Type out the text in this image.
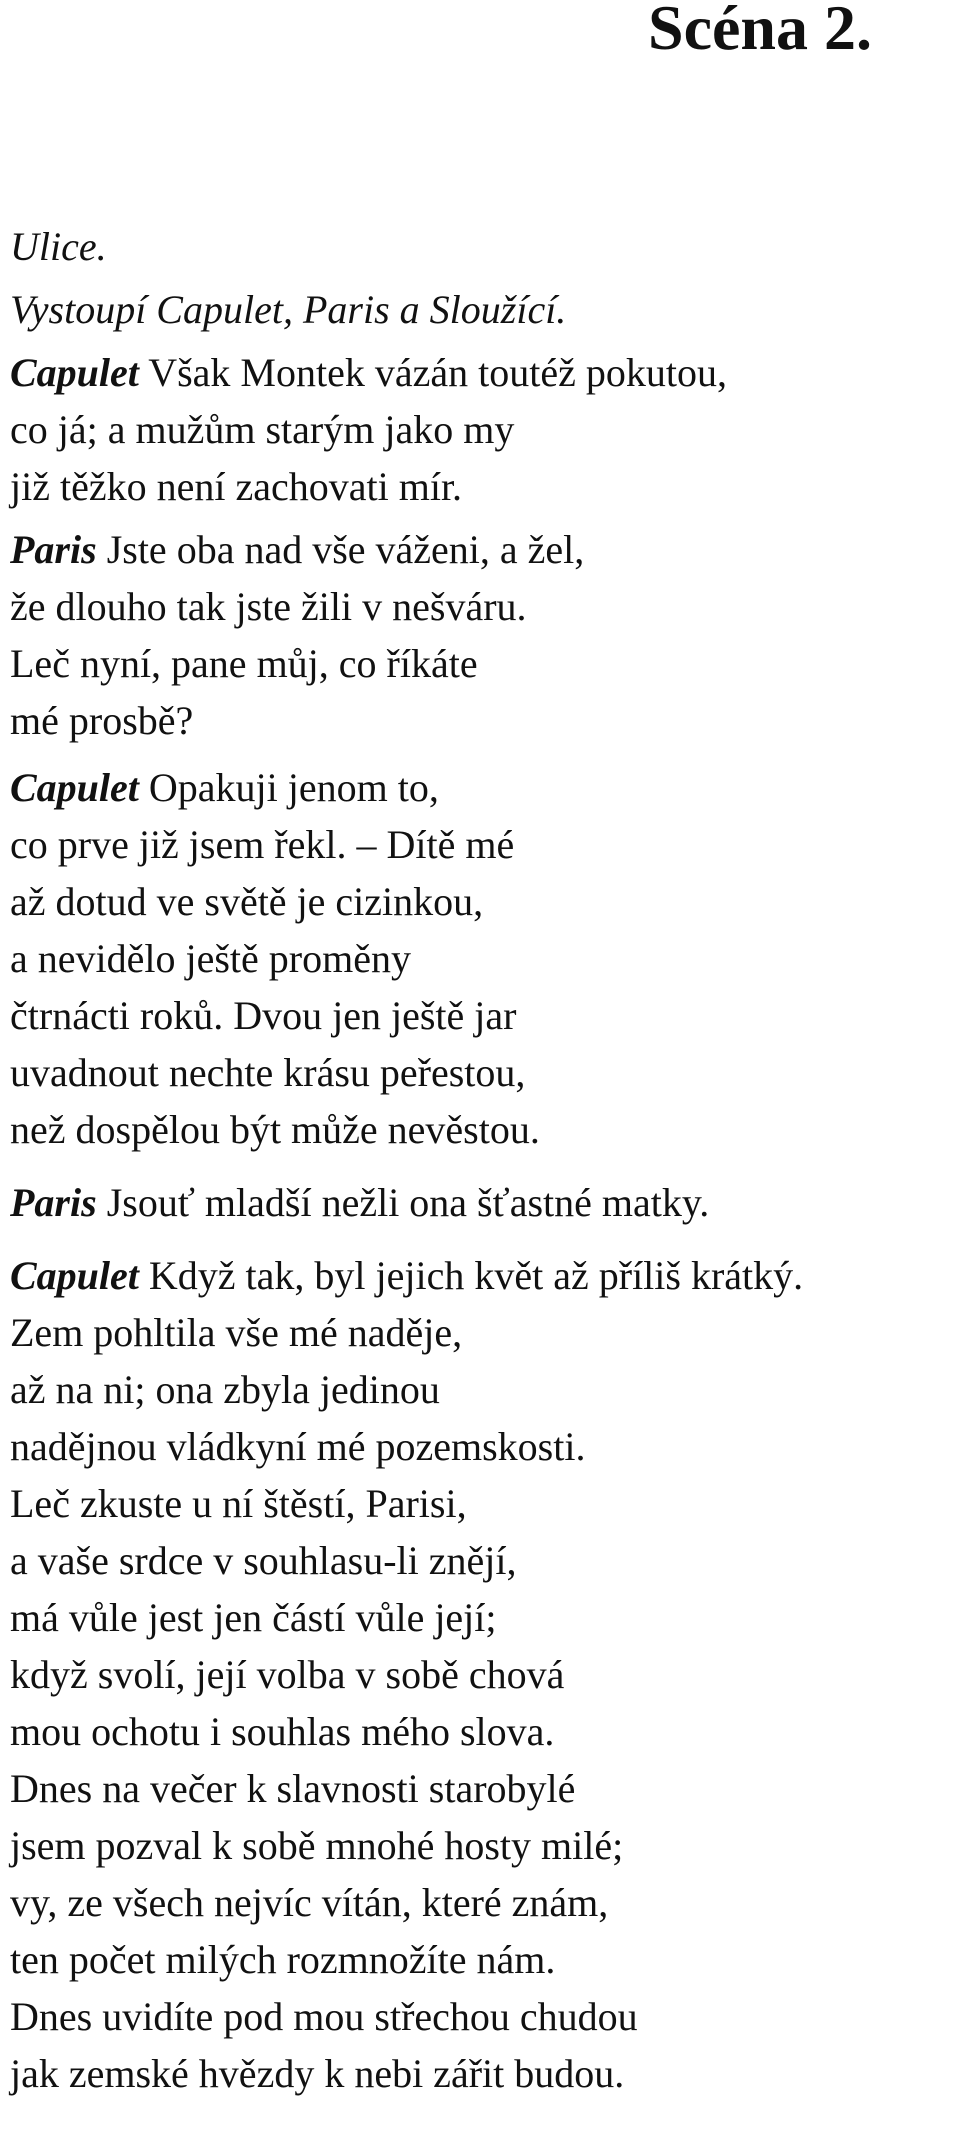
Scéna 2.

Ulice.

Vystoupí Capulet, Paris a Sloužící.

Capulet Však Montek vázán toutéž pokutou,

co já; a mužům starým jako my

již těžko není zachovati mír.

Paris Jste oba nad vše váženi, a žel,

že dlouho tak jste žili v nešváru.

Leč nyní, pane můj, co říkáte

mé prosbě?

Capulet Opakuji jenom to,

co prve již jsem řekl. – Dítě mé

až dotud ve světě je cizinkou,

a nevidělo ještě proměny

čtrnácti roků. Dvou jen ještě jar

uvadnout nechte krásu peřestou,

než dospělou být může nevěstou.

Paris Jsouť mladší nežli ona šťastné matky.

Capulet Když tak, byl jejich květ až příliš krátký.

Zem pohltila vše mé naděje,

až na ni; ona zbyla jedinou

nadějnou vládkyní mé pozemskosti.

Leč zkuste u ní štěstí, Parisi,

a vaše srdce v souhlasu-li znějí,

má vůle jest jen částí vůle její;

když svolí, její volba v sobě chová

mou ochotu i souhlas mého slova.

Dnes na večer k slavnosti starobylé

jsem pozval k sobě mnohé hosty milé;

vy, ze všech nejvíc vítán, které znám,

ten počet milých rozmnožíte nám.

Dnes uvidíte pod mou střechou chudou

jak zemské hvězdy k nebi zářit budou.
